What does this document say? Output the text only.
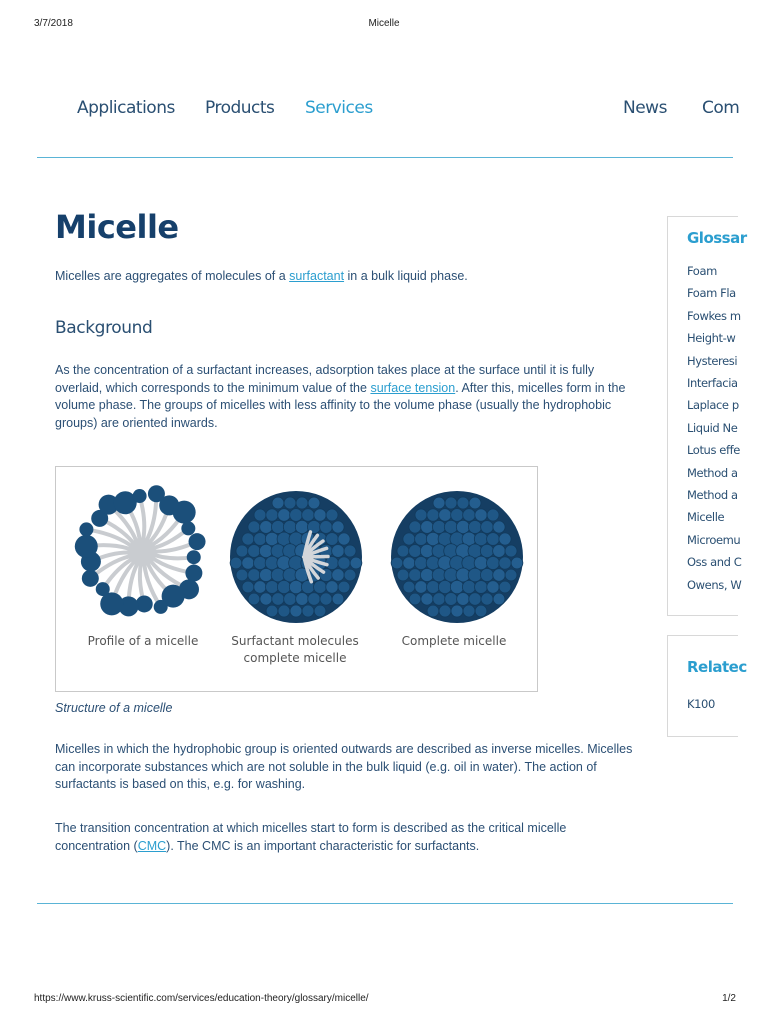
3/7/2018	Micelle
Applications Products Services	News Com
Micelle

Micelles are aggregates of molecules of a surfactant in a bulk liquid phase.

Background

As the concentration of a surfactant increases, adsorption takes place at the surface until it is fully overlaid, which corresponds to the minimum value of the surface tension. After this, micelles form in the volume phase. The groups of micelles with less affinity to the volume phase (usually the hydrophobic groups) are oriented inwards.

Profile of a micelle	Surfactant molecules
complete micelle
Complete micelle

Structure of a micelle

Micelles in which the hydrophobic group is oriented outwards are described as inverse micelles. Micelles can incorporate substances which are not soluble in the bulk liquid (e.g. oil in water). The action of surfactants is based on this, e.g. for washing.

The transition concentration at which micelles start to form is described as the critical micelle concentration (CMC). The CMC is an important characteristic for surfactants.

Glossar
Foam
Foam Fla
Fowkes m
Height-w
Hysteresi
Interfacia
Laplace p
Liquid Ne
Lotus effe
Method a
Method a
Micelle
Microemu
Oss and C
Owens, W
Relatec
K100
https://www.kruss-scientific.com/services/education-theory/glossary/micelle/	1/2
